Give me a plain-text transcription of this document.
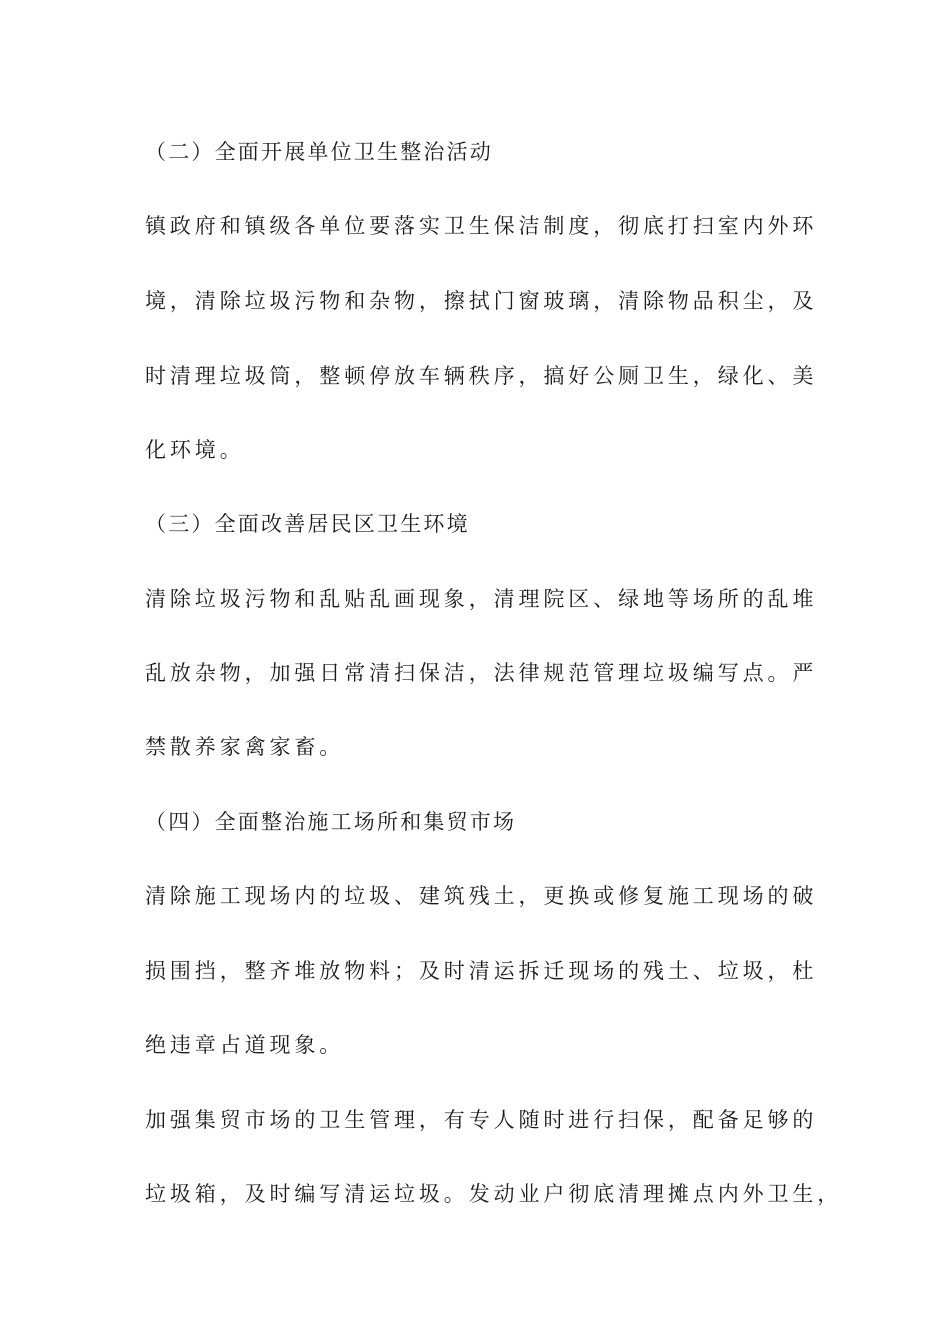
（二）全面开展单位卫生整治活动
镇政府和镇级各单位要落实卫生保洁制度，彻底打扫室内外环
境，清除垃圾污物和杂物，擦拭门窗玻璃，清除物品积尘，及
时清理垃圾筒，整顿停放车辆秩序，搞好公厕卫生，绿化、美
化环境。
（三）全面改善居民区卫生环境
清除垃圾污物和乱贴乱画现象，清理院区、绿地等场所的乱堆
乱放杂物，加强日常清扫保洁，法律规范管理垃圾编写点。严
禁散养家禽家畜。
（四）全面整治施工场所和集贸市场
清除施工现场内的垃圾、建筑残土，更换或修复施工现场的破
损围挡，整齐堆放物料；及时清运拆迁现场的残土、垃圾，杜
绝违章占道现象。
加强集贸市场的卫生管理，有专人随时进行扫保，配备足够的
垃圾箱，及时编写清运垃圾。发动业户彻底清理摊点内外卫生，
